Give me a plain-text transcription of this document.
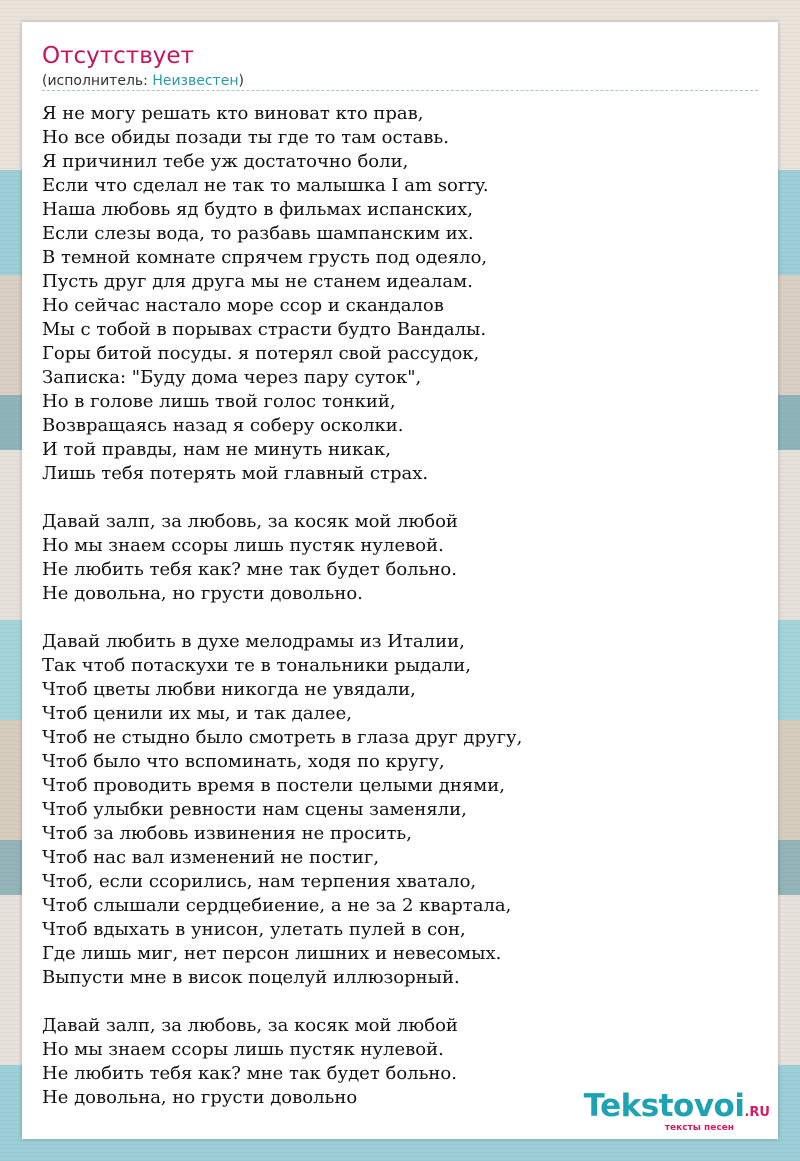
Отсутствует
(исполнитель: Неизвестен)
Я не могу решать кто виноват кто прав,
Но все обиды позади ты где то там оставь.
Я причинил тебе уж достаточно боли,
Если что сделал не так то малышка I am sorry.
Наша любовь яд будто в фильмах испанских,
Если слезы вода, то разбавь шампанским их.
В темной комнате спрячем грусть под одеяло,
Пусть друг для друга мы не станем идеалам.
Но сейчас настало море ссор и скандалов
Мы с тобой в порывах страсти будто Вандалы.
Горы битой посуды. я потерял свой рассудок,
Записка: "Буду дома через пару суток",
Но в голове лишь твой голос тонкий,
Возвращаясь назад я соберу осколки.
И той правды, нам не минуть никак,
Лишь тебя потерять мой главный страх.
Давай залп, за любовь, за косяк мой любой
Но мы знаем ссоры лишь пустяк нулевой.
Не любить тебя как? мне так будет больно.
Не довольна, но грусти довольно.
Давай любить в духе мелодрамы из Италии,
Так чтоб потаскухи те в тональники рыдали,
Чтоб цветы любви никогда не увядали,
Чтоб ценили их мы, и так далее,
Чтоб не стыдно было смотреть в глаза друг другу,
Чтоб было что вспоминать, ходя по кругу,
Чтоб проводить время в постели целыми днями,
Чтоб улыбки ревности нам сцены заменяли,
Чтоб за любовь извинения не просить,
Чтоб нас вал изменений не постиг,
Чтоб, если ссорились, нам терпения хватало,
Чтоб слышали сердцебиение, а не за 2 квартала,
Чтоб вдыхать в унисон, улетать пулей в сон,
Где лишь миг, нет персон лишних и невесомых.
Выпусти мне в висок поцелуй иллюзорный.
Давай залп, за любовь, за косяк мой любой
Но мы знаем ссоры лишь пустяк нулевой.
Не любить тебя как? мне так будет больно.
Не довольна, но грусти довольно	Tekstovoi.RU
тексты песен
